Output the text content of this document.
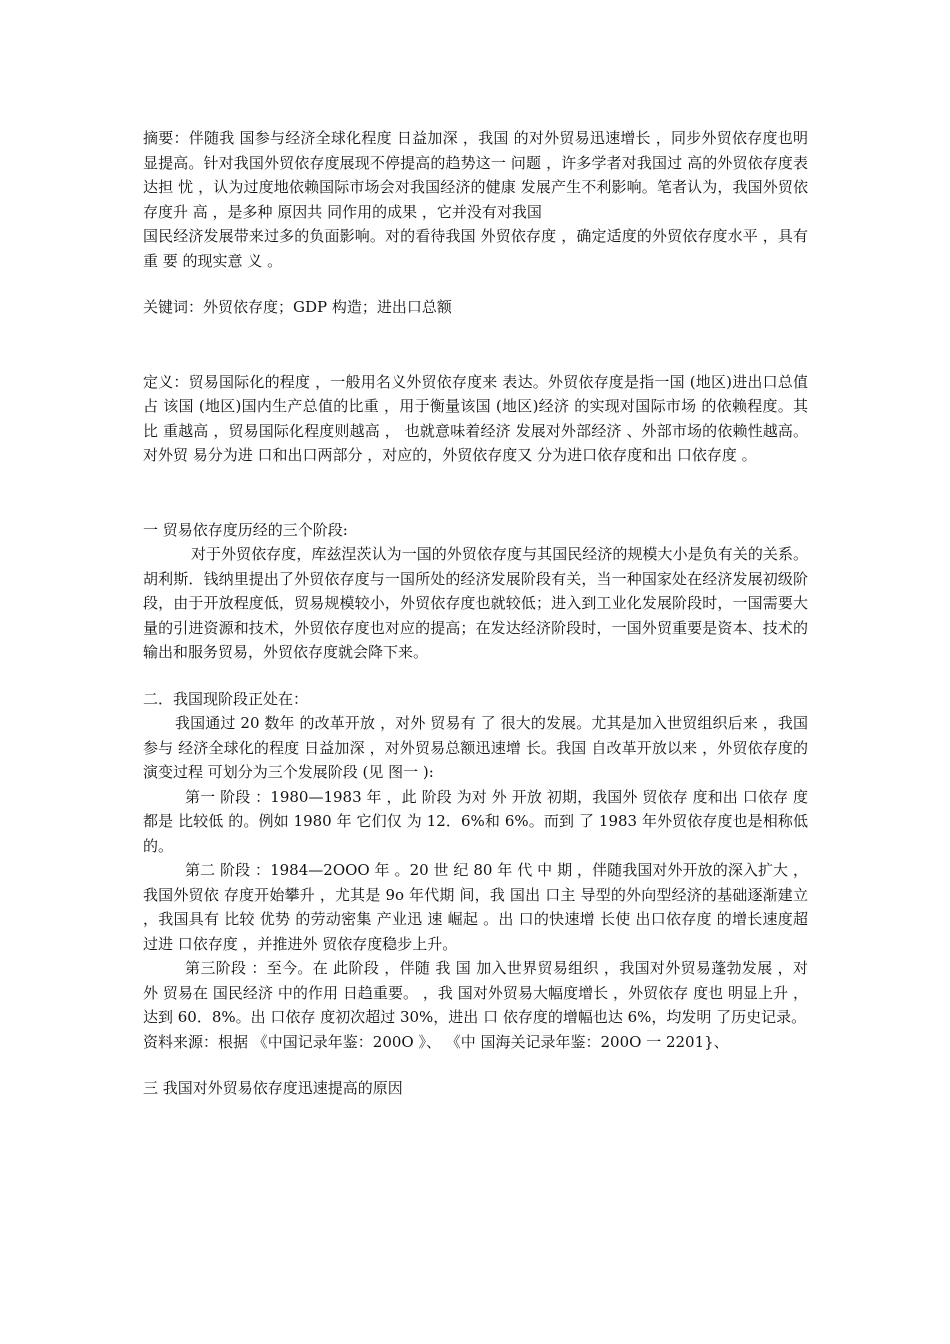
摘要：伴随我 国参与经济全球化程度 日益加深 ，我国 的对外贸易迅速增长 ，同步外贸依存度也明显提高。针对我国外贸依存度展现不停提高的趋势这一 问题 ，许多学者对我国过 高的外贸依存度表达担 忧 ，认为过度地依赖国际市场会对我国经济的健康 发展产生不利影响。笔者认为，我国外贸依存度升 高 ，是多种 原因共 同作用的成果 ，它并没有对我国

国民经济发展带来过多的负面影响。对的看待我国 外贸依存度 ，确定适度的外贸依存度水平 ，具有重 要 的现实意 义 。

关键词：外贸依存度；GDP 构造；进出口总额

定义：贸易国际化的程度 ，一般用名义外贸依存度来 表达。外贸依存度是指一国 (地区)进出口总值 占 该国 (地区)国内生产总值的比重 ，用于衡量该国 (地区)经济 的实现对国际市场 的依赖程度。其 比 重越高 ，贸易国际化程度则越高 ， 也就意味着经济 发展对外部经济 、外部市场的依赖性越高。对外贸 易分为进 口和出口两部分 ，对应的，外贸依存度又 分为进口依存度和出 口依存度 。

一 贸易依存度历经的三个阶段:

对于外贸依存度，库兹涅茨认为一国的外贸依存度与其国民经济的规模大小是负有关的关系。胡利斯．钱纳里提出了外贸依存度与一国所处的经济发展阶段有关，当一种国家处在经济发展初级阶段，由于开放程度低，贸易规模较小，外贸依存度也就较低；进入到工业化发展阶段时，一国需要大量的引进资源和技术，外贸依存度也对应的提高；在发达经济阶段时，一国外贸重要是资本、技术的输出和服务贸易，外贸依存度就会降下来。

二．我国现阶段正处在：

我国通过 20 数年 的改革开放 ，对外 贸易有 了 很大的发展。尤其是加入世贸组织后来 ，我国参与 经济全球化的程度 日益加深 ，对外贸易总额迅速增 长。我国 自改革开放以来 ，外贸依存度的演变过程 可划分为三个发展阶段 (见 图一 ):

第一 阶段 ：1980—1983 年 ，此 阶段 为对 外 开放 初期，我国外 贸依存 度和出 口依存 度都是 比较低 的。例如 1980 年 它们仅 为 12．6%和 6%。而到 了 1983 年外贸依存度也是相称低的。

第二 阶段 ：1984—2OOO 年 。20 世 纪 80 年 代 中 期 ，伴随我国对外开放的深入扩大 ，我国外贸依 存度开始攀升 ，尤其是 9o 年代期 间，我 国出 口主 导型的外向型经济的基础逐渐建立 ，我国具有 比较 优势 的劳动密集 产业迅 速 崛起 。出 口的快速增 长使 出口依存度 的增长速度超过进 口依存度 ，并推进外 贸依存度稳步上升。

第三阶段 ：至今。在 此阶段 ，伴随 我 国 加入世界贸易组织 ，我国对外贸易蓬勃发展 ，对外 贸易在 国民经济 中的作用 日趋重要。 ，我 国对外贸易大幅度增长 ，外贸依存 度也 明显上升 ， 达到 60．8%。出 口依存 度初次超过 30%，进出 口 依存度的增幅也达 6%，均发明 了历史记录。

资料来源：根据 《中国记录年鉴：200O 》、 《中 国海关记录年鉴：200O 一 2201}、

三 我国对外贸易依存度迅速提高的原因
